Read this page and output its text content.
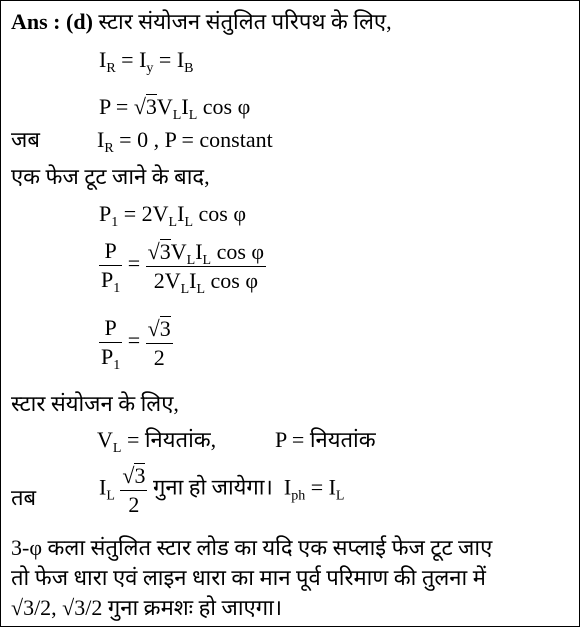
Ans : (d) स्टार संयोजन संतुलित परिपथ के लिए,
$I_R = I_y = I_B$
$P = √3V_LI_L$ cos φ
जब	$I_R = 0$ , P = constant
एक फेज टूट जाने के बाद,
$P_1 = 2V_LI_L$ cos φ
$\frac{P}{P_1} = \frac{√3V_LI_L \cos \varphi}{2V_LI_L \cos \varphi}$
$\frac{P}{P_1} = \frac{√3}{2}$
स्टार संयोजन के लिए,
$V_L$ = नियतांक,	P = नियतांक
तब	$I_L \frac{√3}{2}$ गुना हो जायेगा।  $I_{ph} = I_L$
3-φ कला संतुलित स्टार लोड का यदि एक सप्लाई फेज टूट जाए
तो फेज धारा एवं लाइन धारा का मान पूर्व परिमाण की तुलना में
√3/2, √3/2 गुना क्रमशः हो जाएगा।
